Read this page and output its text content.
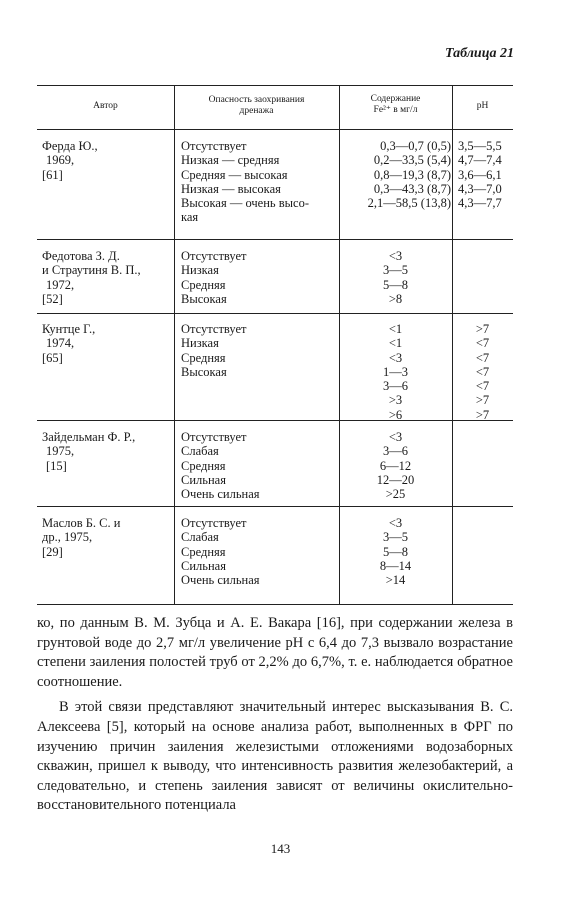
Таблица 21
Автор
Опасность заохривания
дренажа
Содержание
Fe²⁺ в мг/л	pH
Ферда Ю.,
1969,
[61]
Отсутствует
Низкая — средняя
Средняя — высокая
Низкая — высокая
Высокая — очень высо-
кая
0,3—0,7 (0,5)
0,2—33,5 (5,4)
0,8—19,3 (8,7)
0,3—43,3 (8,7)
2,1—58,5 (13,8)
3,5—5,5
4,7—7,4
3,6—6,1
4,3—7,0
4,3—7,7
Федотова З. Д.
и Страутиня В. П.,
1972,
[52]
Отсутствует
Низкая
Средняя
Высокая
<3
3—5
5—8
>8
Кунтце Г.,
1974,
[65]
Отсутствует
Низкая
Средняя
Высокая
<1
<1
<3
1—3
3—6
>3
>6
>7
<7
<7
<7
<7
>7
>7
Зайдельман Ф. Р.,
1975,
[15]
Отсутствует
Слабая
Средняя
Сильная
Очень сильная
<3
3—6
6—12
12—20
>25
Маслов Б. С. и
др., 1975,
[29]
Отсутствует
Слабая
Средняя
Сильная
Очень сильная
<3
3—5
5—8
8—14
>14

ко, по данным В. М. Зубца и А. Е. Вакара [16], при содержании железа в грунтовой воде до 2,7 мг/л увеличение pH с 6,4 до 7,3 вызвало возрастание степени заиления полостей труб от 2,2% до 6,7%, т. е. наблюдается обратное соотношение.

В этой связи представляют значительный интерес высказывания В. С. Алексеева [5], который на основе анализа работ, выполненных в ФРГ по изучению причин заиления железистыми отложениями водозаборных скважин, пришел к выводу, что интенсивность развития железобактерий, а следовательно, и степень заиления зависят от величины окислительно-восстановительного потенциала

143
